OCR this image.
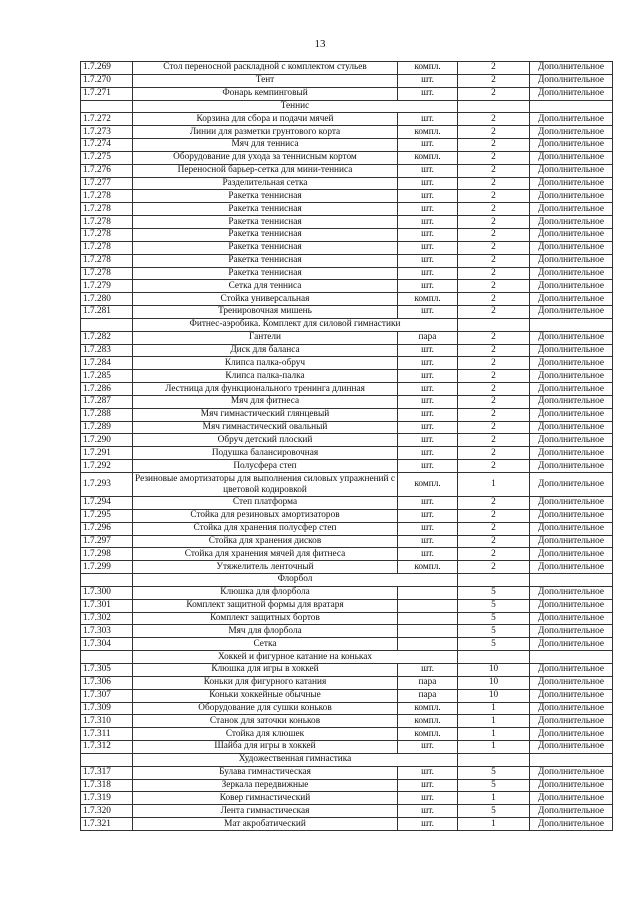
13
1.7.269	Стол переносной раскладной с комплектом стульев	компл.	2	Дополнительное
1.7.270	Тент	шт.	2	Дополнительное
1.7.271	Фонарь кемпинговый	шт.	2	Дополнительное
	Теннис			
1.7.272	Корзина для сбора и подачи мячей	шт.	2	Дополнительное
1.7.273	Линии для разметки грунтового корта	компл.	2	Дополнительное
1.7.274	Мяч для тенниса	шт.	2	Дополнительное
1.7.275	Оборудование для ухода за теннисным кортом	компл.	2	Дополнительное
1.7.276	Переносной барьер-сетка для мини-тенниса	шт.	2	Дополнительное
1.7.277	Разделительная сетка	шт.	2	Дополнительное
1.7.278	Ракетка теннисная	шт.	2	Дополнительное
1.7.278	Ракетка теннисная	шт.	2	Дополнительное
1.7.278	Ракетка теннисная	шт.	2	Дополнительное
1.7.278	Ракетка теннисная	шт.	2	Дополнительное
1.7.278	Ракетка теннисная	шт.	2	Дополнительное
1.7.278	Ракетка теннисная	шт.	2	Дополнительное
1.7.278	Ракетка теннисная	шт.	2	Дополнительное
1.7.279	Сетка для тенниса	шт.	2	Дополнительное
1.7.280	Стойка универсальная	компл.	2	Дополнительное
1.7.281	Тренировочная мишень	шт.	2	Дополнительное
	Фитнес-аэробика. Комплект для силовой гимнастики			
1.7.282	Гантели	пара	2	Дополнительное
1.7.283	Диск для баланса	шт.	2	Дополнительное
1.7.284	Клипса палка-обруч	шт.	2	Дополнительное
1.7.285	Клипса палка-палка	шт.	2	Дополнительное
1.7.286	Лестница для функционального тренинга длинная	шт.	2	Дополнительное
1.7.287	Мяч для фитнеса	шт.	2	Дополнительное
1.7.288	Мяч гимнастический глянцевый	шт.	2	Дополнительное
1.7.289	Мяч гимнастический овальный	шт.	2	Дополнительное
1.7.290	Обруч детский плоский	шт.	2	Дополнительное
1.7.291	Подушка балансировочная	шт.	2	Дополнительное
1.7.292	Полусфера степ	шт.	2	Дополнительное
1.7.293	Резиновые амортизаторы для выполнения силовых упражнений с цветовой кодировкой	компл.	1	Дополнительное
1.7.294	Степ платформа	шт.	2	Дополнительное
1.7.295	Стойка для резиновых амортизаторов	шт.	2	Дополнительное
1.7.296	Стойка для хранения полусфер степ	шт.	2	Дополнительное
1.7.297	Стойка для хранения дисков	шт.	2	Дополнительное
1.7.298	Стойка для хранения мячей для фитнеса	шт.	2	Дополнительное
1.7.299	Утяжелитель ленточный	компл.	2	Дополнительное
	Флорбол			
1.7.300	Клюшка для флорбола		5	Дополнительное
1.7.301	Комплект защитной формы для вратаря		5	Дополнительное
1.7.302	Комплект защитных бортов		5	Дополнительное
1.7.303	Мяч для флорбола		5	Дополнительное
1.7.304	Сетка		5	Дополнительное
	Хоккей и фигурное катание на коньках			
1.7.305	Клюшка для игры в хоккей	шт.	10	Дополнительное
1.7.306	Коньки для фигурного катания	пара	10	Дополнительное
1.7.307	Коньки хоккейные обычные	пара	10	Дополнительное
1.7.309	Оборудование для сушки коньков	компл.	1	Дополнительное
1.7.310	Станок для заточки коньков	компл.	1	Дополнительное
1.7.311	Стойка для клюшек	компл.	1	Дополнительное
1.7.312	Шайба для игры в хоккей	шт.	1	Дополнительное
	Художественная гимнастика			
1.7.317	Булава гимнастическая	шт.	5	Дополнительное
1.7.318	Зеркала передвижные	шт.	5	Дополнительное
1.7.319	Ковер гимнастический	шт.	1	Дополнительное
1.7.320	Лента гимнастическая	шт.	5	Дополнительное
1.7.321	Мат акробатический	шт.	1	Дополнительное
